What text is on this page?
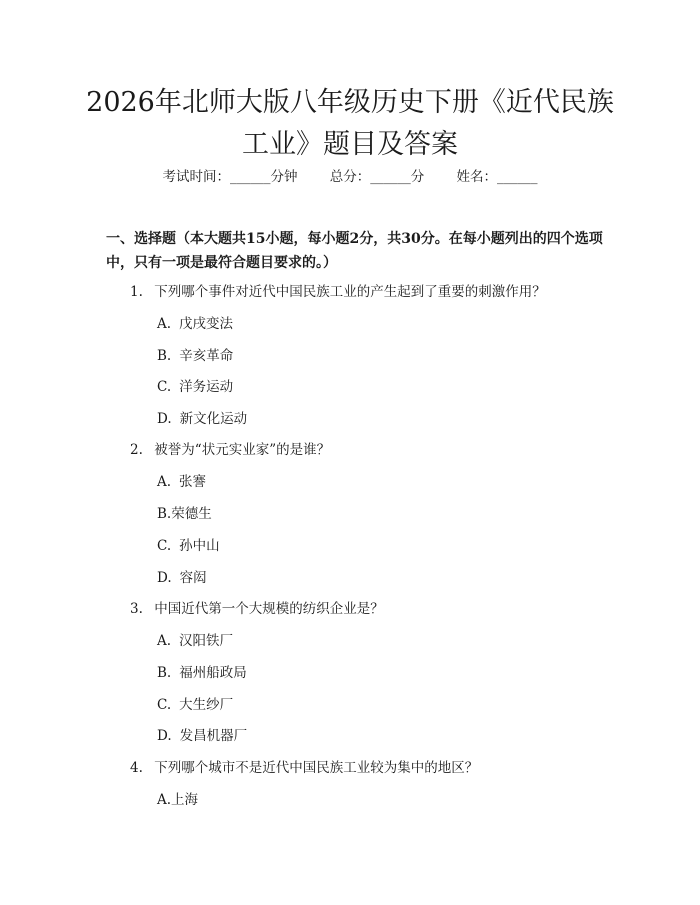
2026年北师大版八年级历史下册《近代民族
工业》题目及答案
考试时间：______分钟 总分：______分 姓名：______

一、选择题（本大题共15小题，每小题2分，共30分。在每小题列出的四个选项中，只有一项是最符合题目要求的。）

1. 下列哪个事件对近代中国民族工业的产生起到了重要的刺激作用？
A. 戊戌变法
B. 辛亥革命
C. 洋务运动
D. 新文化运动
2. 被誉为“状元实业家”的是谁？
A. 张謇
B.荣德生
C. 孙中山
D. 容闳
3. 中国近代第一个大规模的纺织企业是？
A. 汉阳铁厂
B. 福州船政局
C. 大生纱厂
D. 发昌机器厂
4. 下列哪个城市不是近代中国民族工业较为集中的地区？
A.上海
